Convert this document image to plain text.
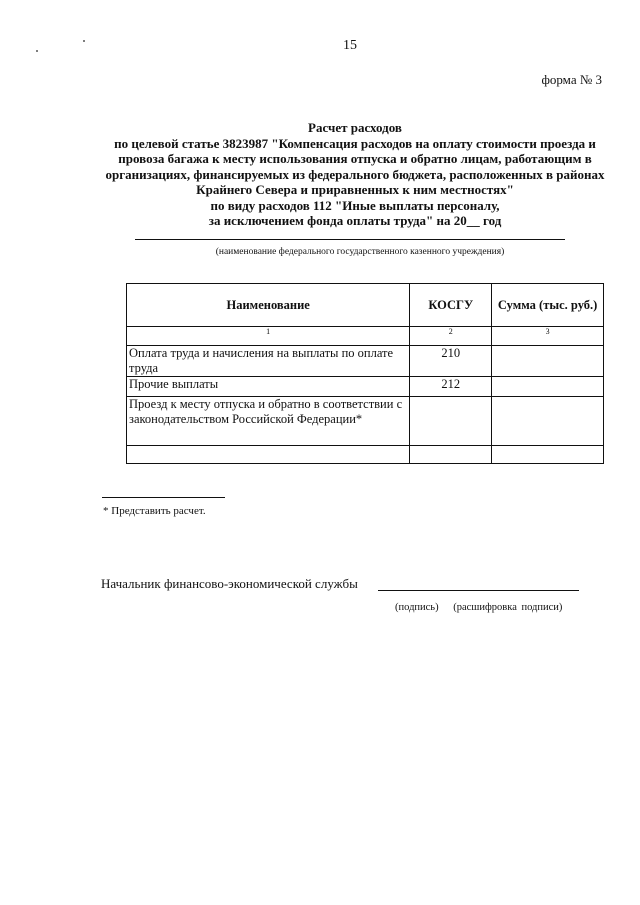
15
форма № 3
Расчет расходов
по целевой статье 3823987 "Компенсация расходов на оплату стоимости проезда и
провоза багажа к месту использования отпуска и обратно лицам, работающим в
организациях, финансируемых из федерального бюджета, расположенных в районах
Крайнего Севера и приравненных к ним местностях"
по виду расходов 112 "Иные выплаты персоналу,
за исключением фонда оплаты труда" на 20__ год
(наименование федерального государственного казенного учреждения)
Наименование	КОСГУ	Сумма (тыс. руб.)
1	2	3
Оплата труда и начисления на выплаты по оплате труда	210	
Прочие выплаты	212	
Проезд к месту отпуска и обратно в соответствии с законодательством Российской Федерации*		

* Представить расчет.
Начальник финансово-экономической службы
(подпись) (расшифровка подписи)
